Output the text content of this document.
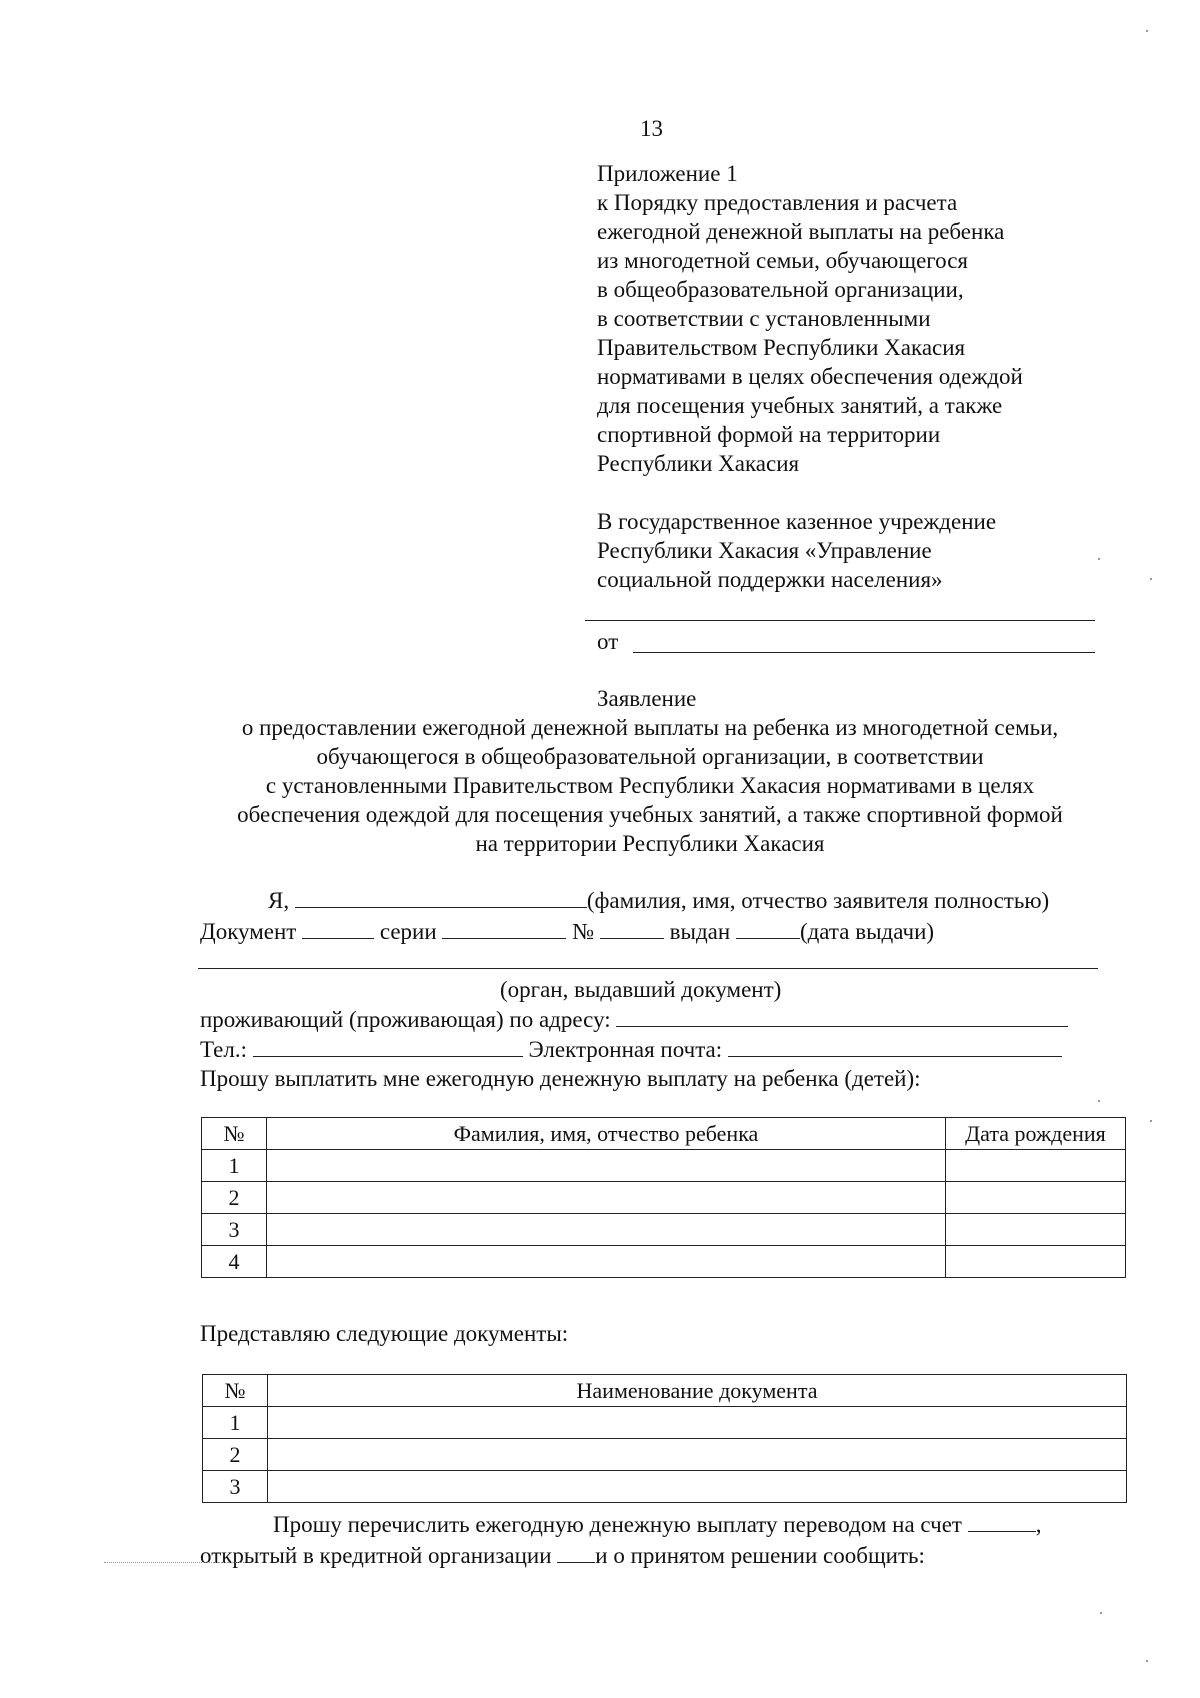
13
Приложение 1
к Порядку предоставления и расчета
ежегодной денежной выплаты на ребенка
из многодетной семьи, обучающегося
в общеобразовательной организации,
в соответствии с установленными
Правительством Республики Хакасия
нормативами в целях обеспечения одеждой
для посещения учебных занятий, а также
спортивной формой на территории
Республики Хакасия
В государственное казенное учреждение
Республики Хакасия «Управление
социальной поддержки населения»
от
Заявление
о предоставлении ежегодной денежной выплаты на ребенка из многодетной семьи,
обучающегося в общеобразовательной организации, в соответствии
с установленными Правительством Республики Хакасия нормативами в целях
обеспечения одеждой для посещения учебных занятий, а также спортивной формой
на территории Республики Хакасия
Я,	(фамилия, имя, отчество заявителя полностью)
Документ	серии	№	выдан	(дата выдачи)
(орган, выдавший документ)
проживающий (проживающая) по адресу:
Тел.:	Электронная почта:
Прошу выплатить мне ежегодную денежную выплату на ребенка (детей):
№	Фамилия, имя, отчество ребенка	Дата рождения
1		
2		
3		
4		
Представляю следующие документы:
№	Наименование документа
1	
2	
3	
Прошу перечислить ежегодную денежную выплату переводом на счет	,
открытый в кредитной организации и о принятом решении сообщить:
